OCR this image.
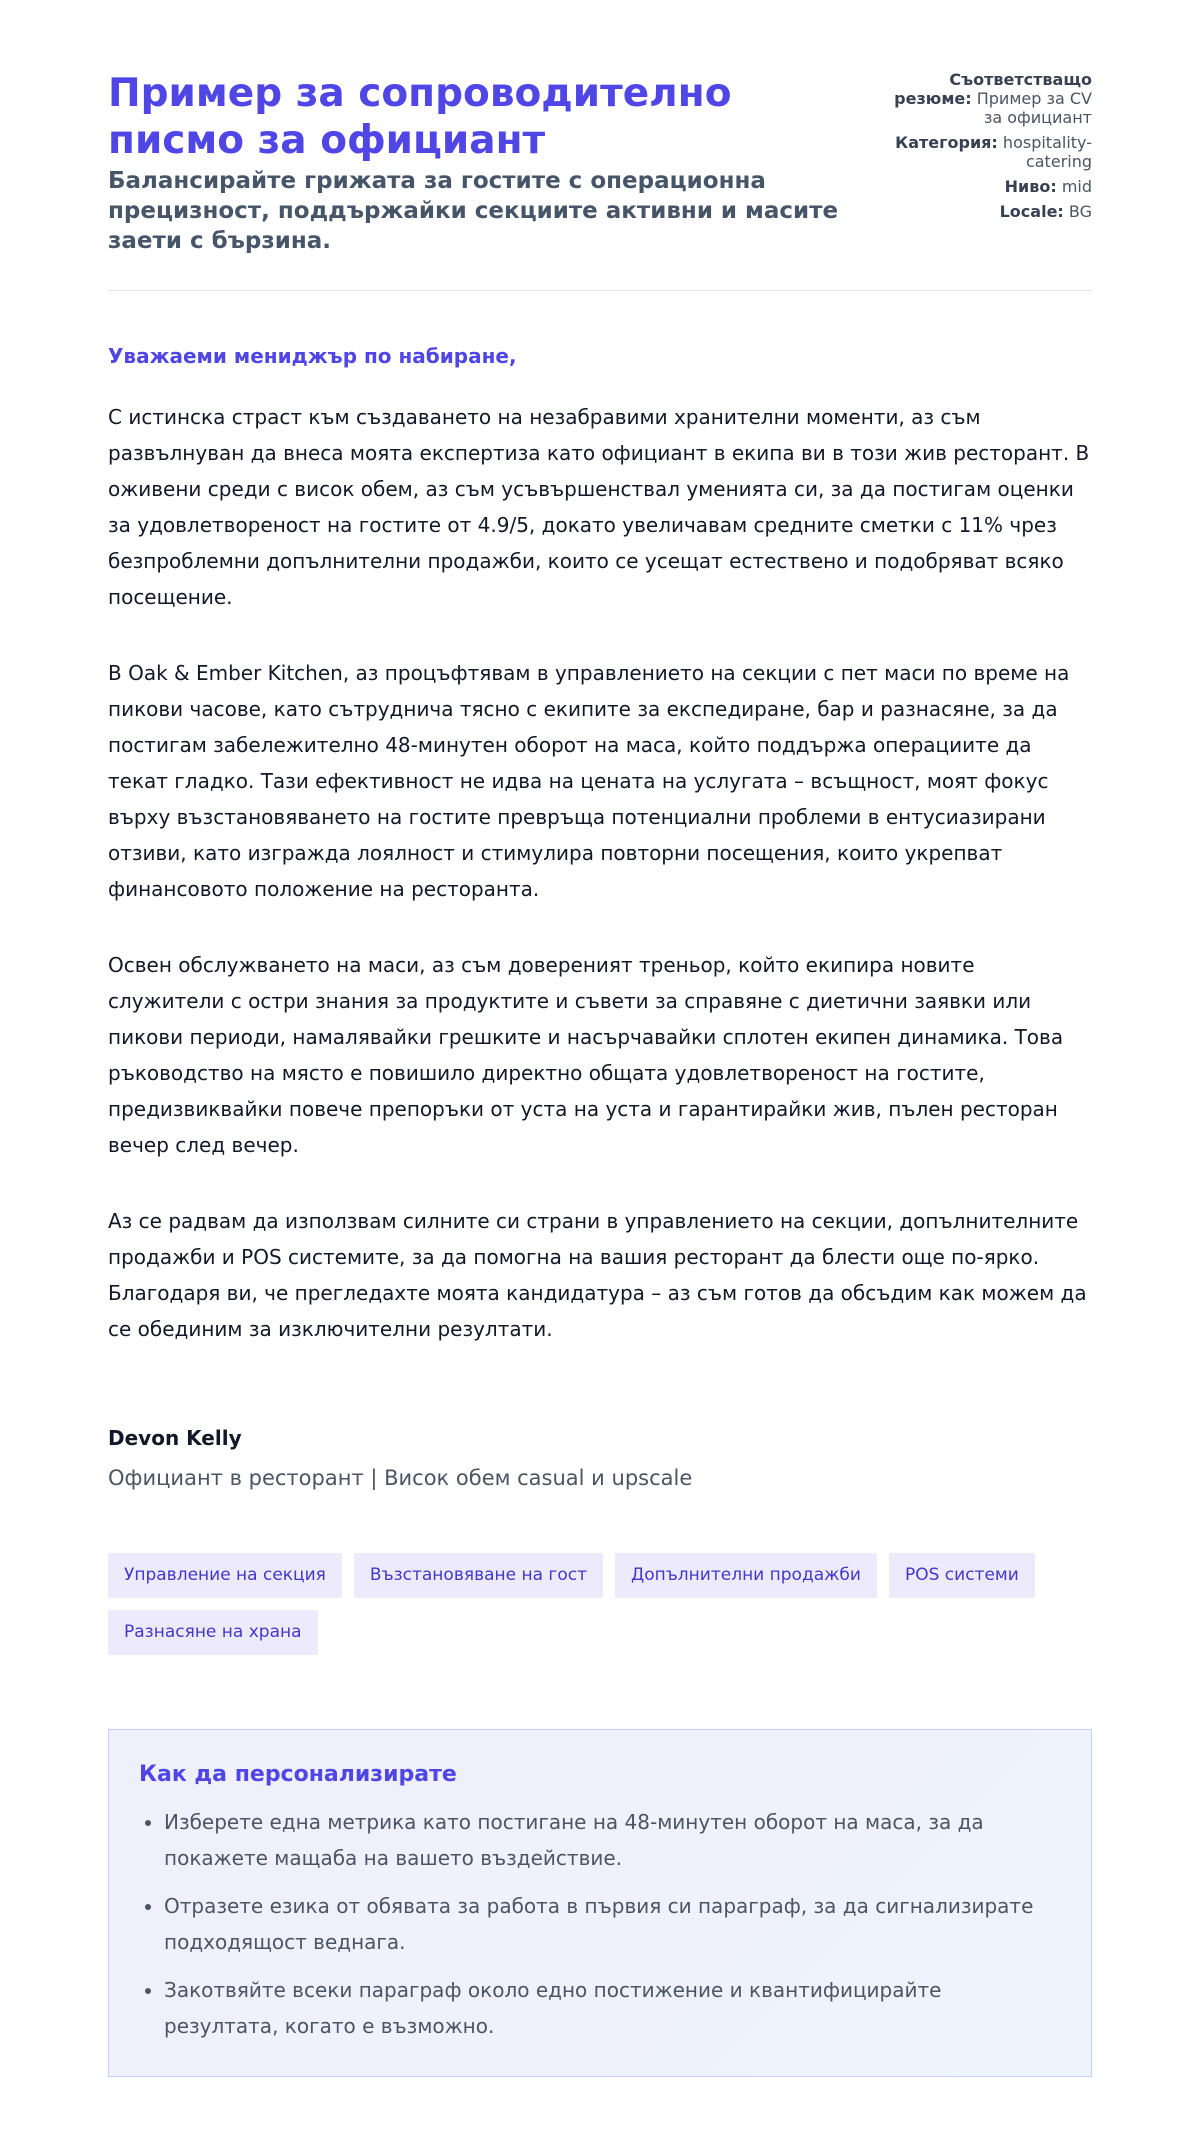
Пример за сопроводително писмо за официант
Балансирайте грижата за гостите с операционна прецизност, поддържайки секциите активни и масите заети с бързина.
Съответстващо резюме: Пример за CV за официант
Категория: hospitality-catering
Ниво: mid
Locale: BG
Уважаеми мениджър по набиране,

С истинска страст към създаването на незабравими хранителни моменти, аз съм развълнуван да внеса моята експертиза като официант в екипа ви в този жив ресторант. В оживени среди с висок обем, аз съм усъвършенствал уменията си, за да постигам оценки за удовлетвореност на гостите от 4.9/5, докато увеличавам средните сметки с 11% чрез безпроблемни допълнителни продажби, които се усещат естествено и подобряват всяко посещение.

В Oak & Ember Kitchen, аз процъфтявам в управлението на секции с пет маси по време на пикови часове, като сътруднича тясно с екипите за експедиране, бар и разнасяне, за да постигам забележително 48-минутен оборот на маса, който поддържа операциите да текат гладко. Тази ефективност не идва на цената на услугата – всъщност, моят фокус върху възстановяването на гостите превръща потенциални проблеми в ентусиазирани отзиви, като изгражда лоялност и стимулира повторни посещения, които укрепват финансовото положение на ресторанта.

Освен обслужването на маси, аз съм довереният треньор, който екипира новите служители с остри знания за продуктите и съвети за справяне с диетични заявки или пикови периоди, намалявайки грешките и насърчавайки сплотен екипен динамика. Това ръководство на място е повишило директно общата удовлетвореност на гостите, предизвиквайки повече препоръки от уста на уста и гарантирайки жив, пълен ресторан вечер след вечер.

Аз се радвам да използвам силните си страни в управлението на секции, допълнителните продажби и POS системите, за да помогна на вашия ресторант да блести още по-ярко. Благодаря ви, че прегледахте моята кандидатура – аз съм готов да обсъдим как можем да се обединим за изключителни резултати.

Devon Kelly
Официант в ресторант | Висок обем casual и upscale
Управление на секция	Възстановяване на гост	Допълнителни продажби	POS системи
Разнасяне на храна
Как да персонализирате
• Изберете една метрика като постигане на 48-минутен оборот на маса, за да покажете мащаба на вашето въздействие.
• Отразете езика от обявата за работа в първия си параграф, за да сигнализирате подходящост веднага.
• Закотвяйте всеки параграф около едно постижение и квантифицирайте резултата, когато е възможно.
